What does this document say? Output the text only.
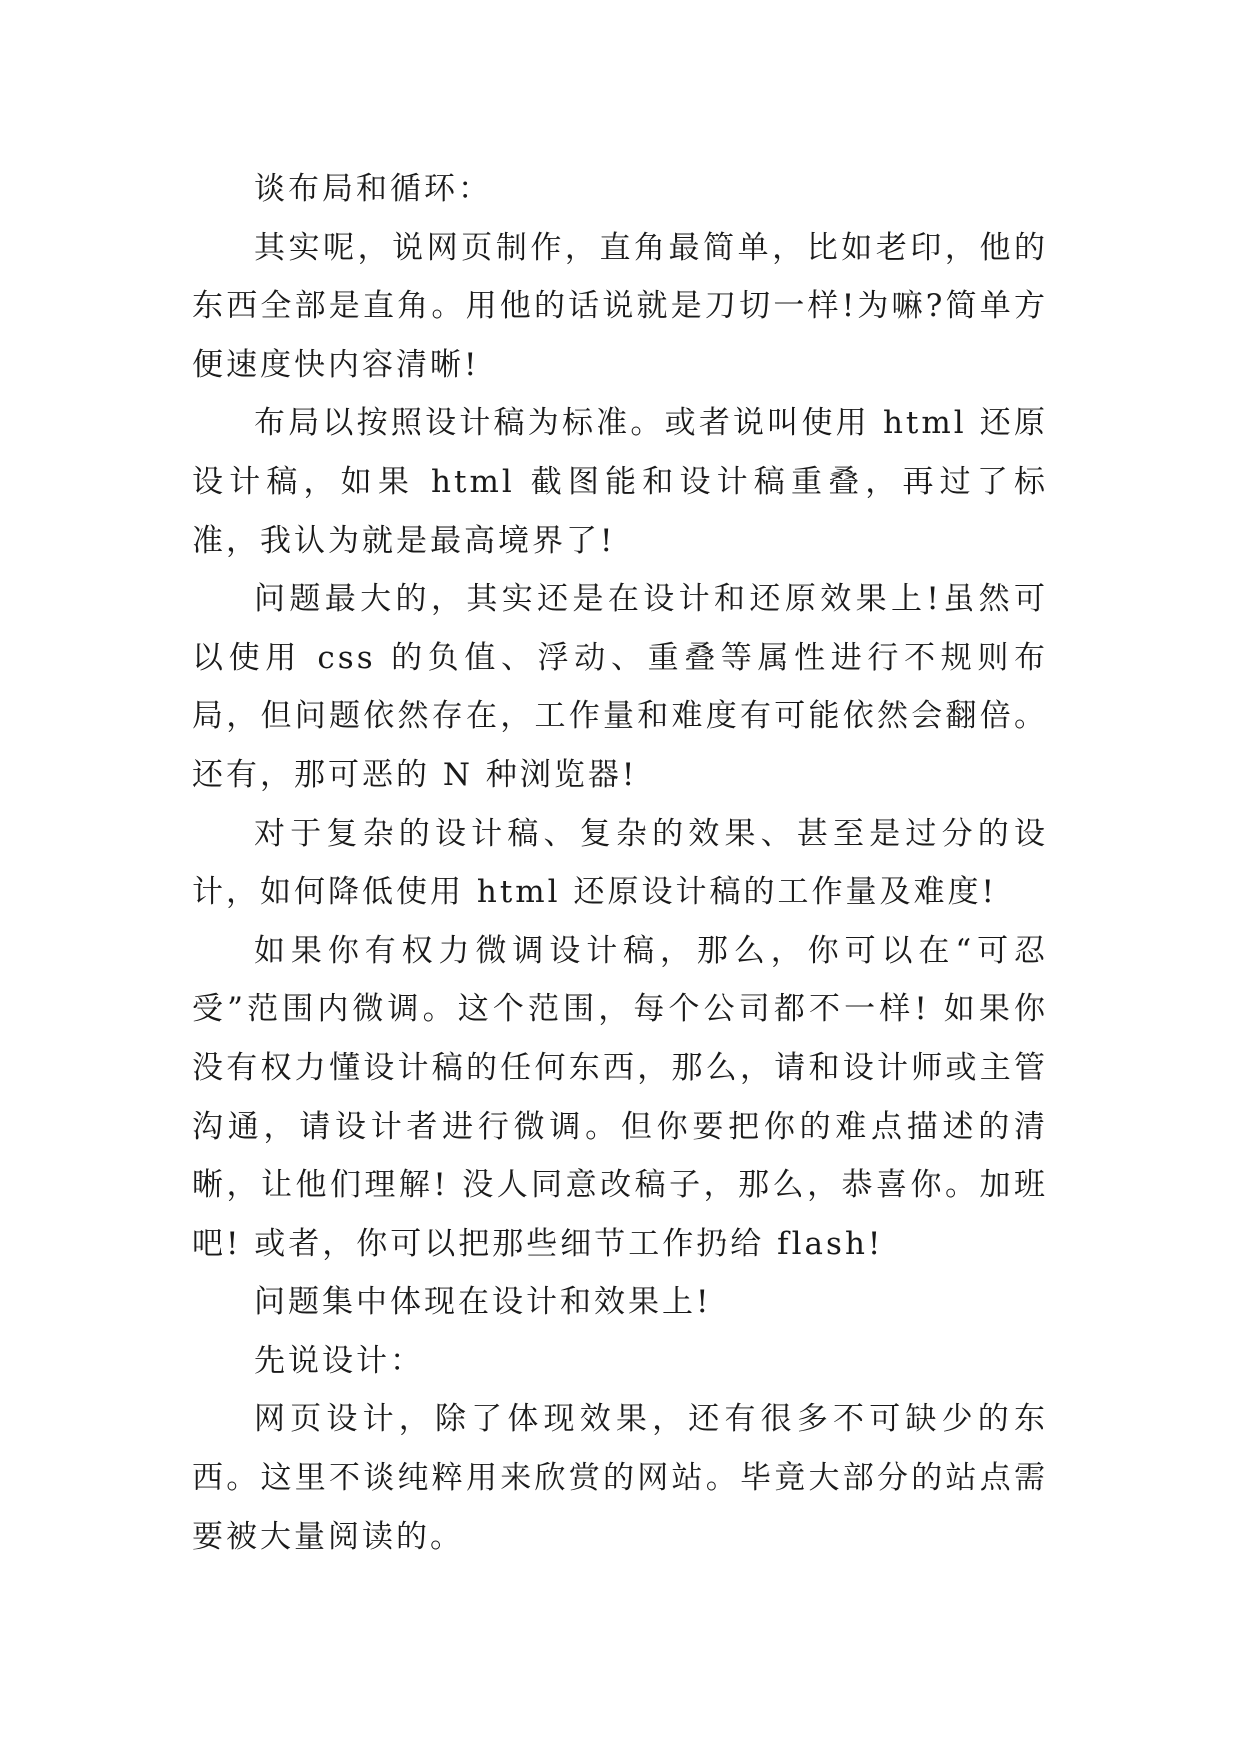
谈布局和循环：

其实呢，说网页制作，直角最简单，比如老印，他的东西全部是直角。用他的话说就是刀切一样!为嘛?简单方便速度快内容清晰!

布局以按照设计稿为标准。或者说叫使用 html 还原设计稿，如果 html 截图能和设计稿重叠，再过了标准，我认为就是最高境界了!

问题最大的，其实还是在设计和还原效果上!虽然可以使用 css 的负值、浮动、重叠等属性进行不规则布局，但问题依然存在，工作量和难度有可能依然会翻倍。还有，那可恶的 N 种浏览器!

对于复杂的设计稿、复杂的效果、甚至是过分的设计，如何降低使用 html 还原设计稿的工作量及难度!

如果你有权力微调设计稿，那么，你可以在“可忍受”范围内微调。这个范围，每个公司都不一样! 如果你没有权力懂设计稿的任何东西，那么，请和设计师或主管沟通，请设计者进行微调。但你要把你的难点描述的清晰，让他们理解! 没人同意改稿子，那么，恭喜你。加班吧! 或者，你可以把那些细节工作扔给 flash!

问题集中体现在设计和效果上!

先说设计：

网页设计，除了体现效果，还有很多不可缺少的东西。这里不谈纯粹用来欣赏的网站。毕竟大部分的站点需要被大量阅读的。
